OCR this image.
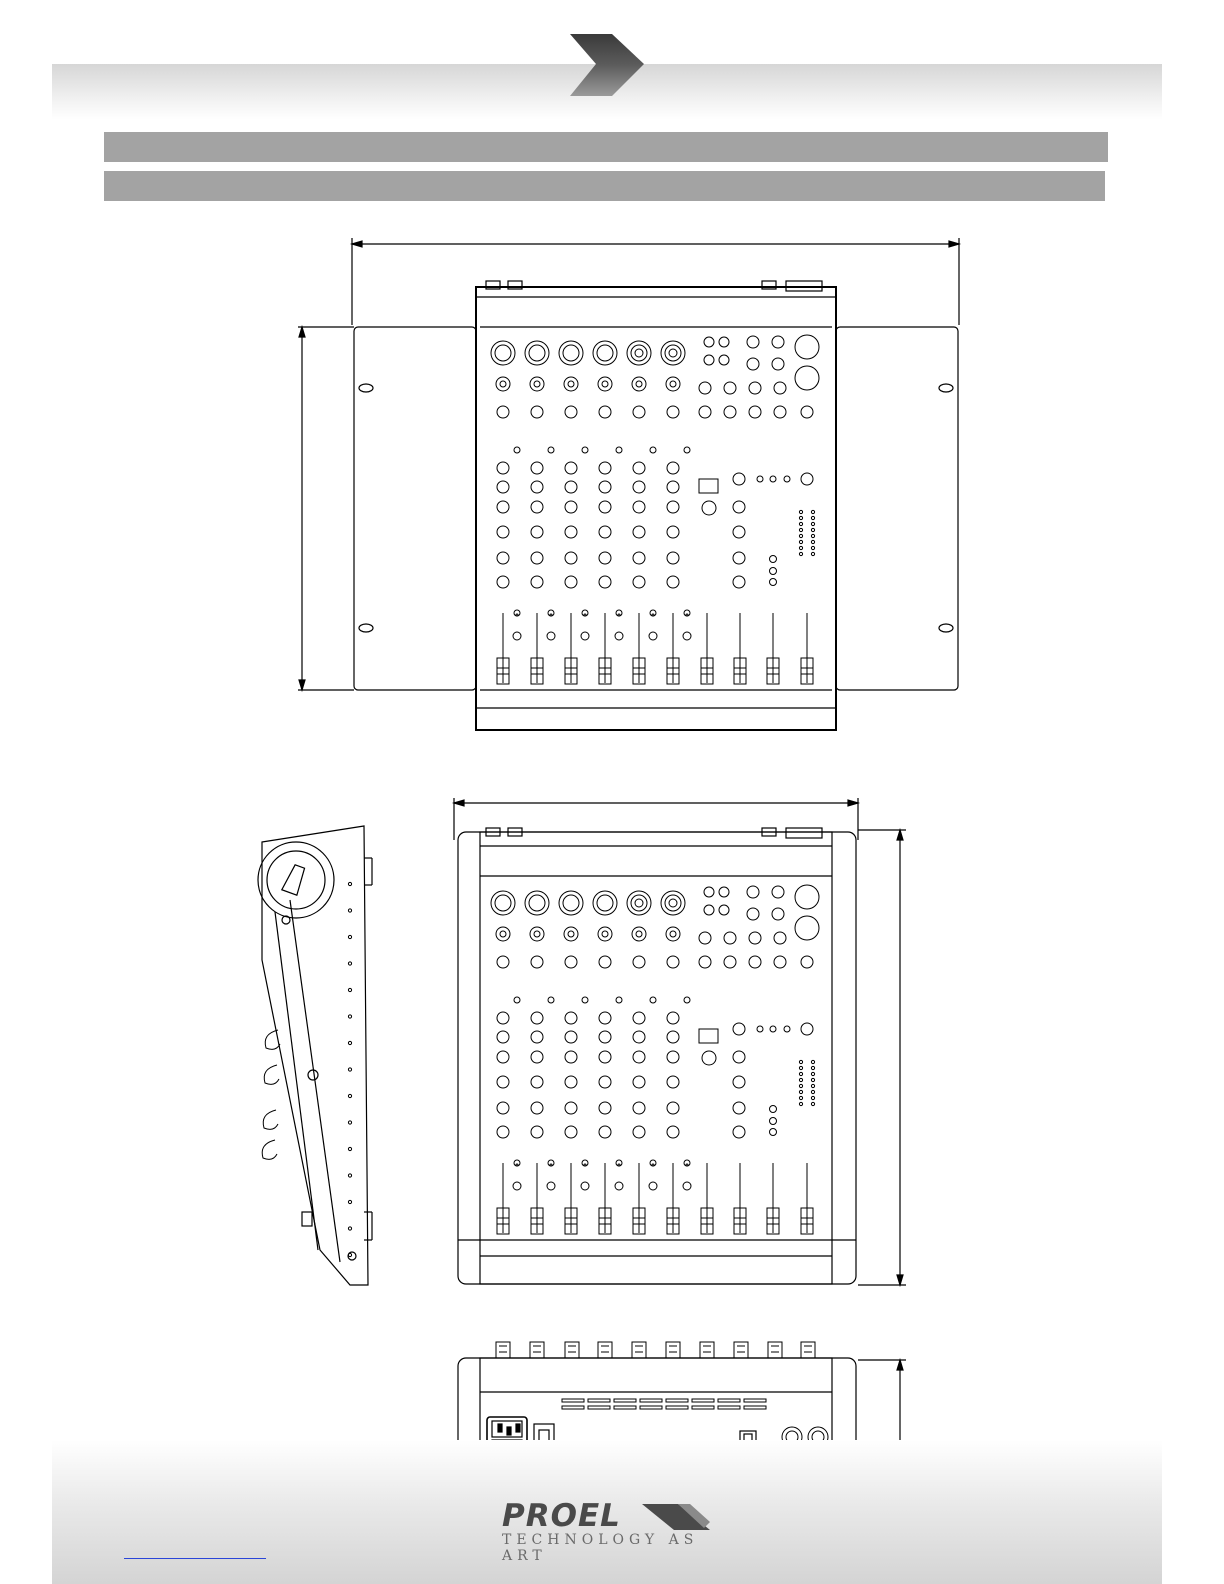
PROEL
TECHNOLOGY AS ART
